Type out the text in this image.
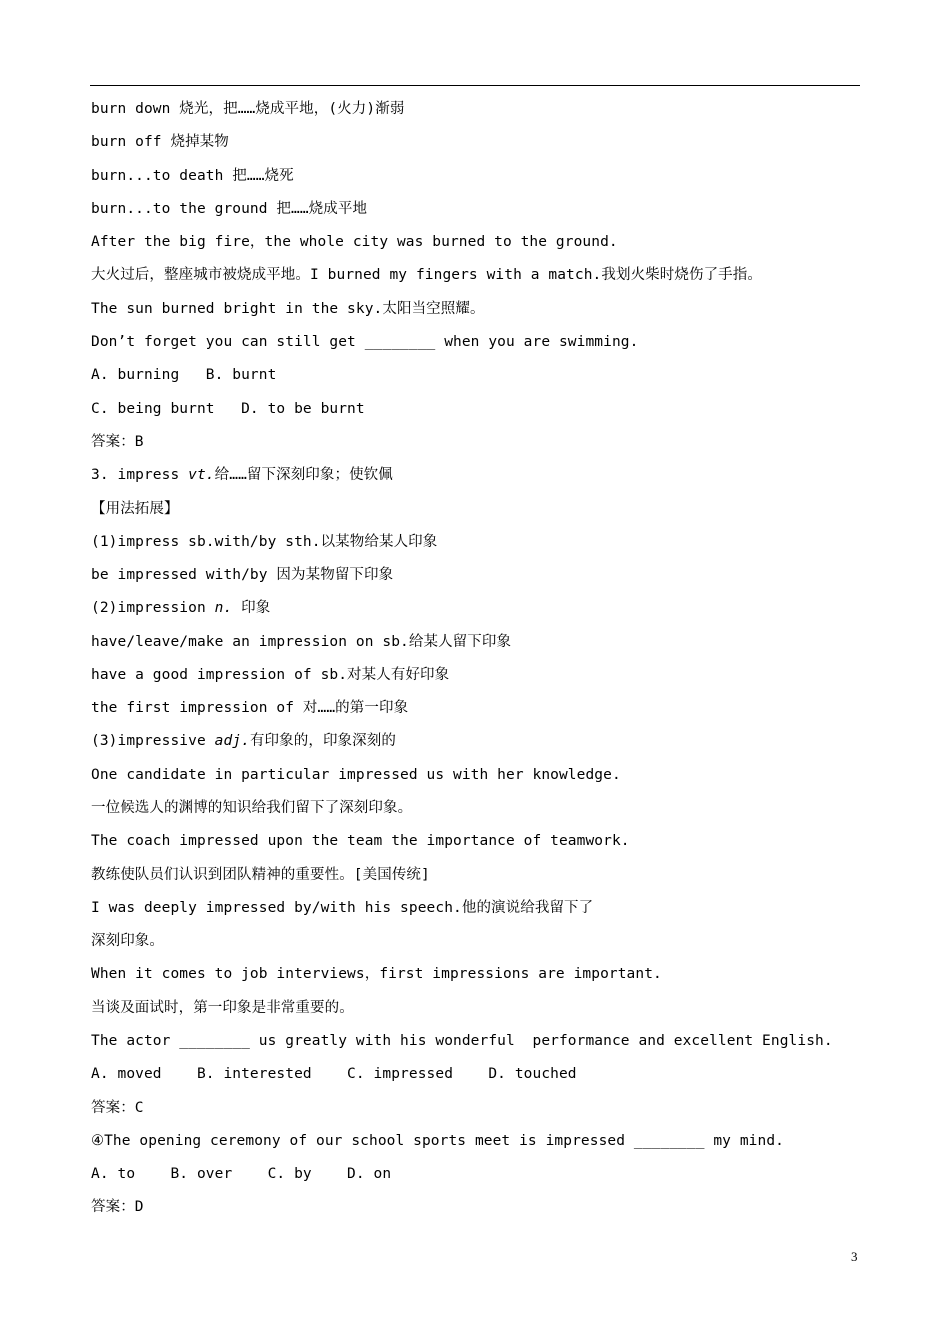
burn down 烧光，把……烧成平地，(火力)渐弱
burn off 烧掉某物
burn...to death 把……烧死
burn...to the ground 把……烧成平地
After the big fire，the whole city was burned to the ground.
大火过后，整座城市被烧成平地。I burned my fingers with a match.我划火柴时烧伤了手指。
The sun burned bright in the sky.太阳当空照耀。
Don’t forget you can still get ________ when you are swimming.
A. burning   B. burnt
C. being burnt   D. to be burnt
答案：B
3. impress vt.给……留下深刻印象；使钦佩
【用法拓展】
(1)impress sb.with/by sth.以某物给某人印象
be impressed with/by 因为某物留下印象
(2)impression n. 印象
have/leave/make an impression on sb.给某人留下印象
have a good impression of sb.对某人有好印象
the first impression of 对……的第一印象
(3)impressive adj.有印象的，印象深刻的
One candidate in particular impressed us with her knowledge.
一位候选人的渊博的知识给我们留下了深刻印象。
The coach impressed upon the team the importance of teamwork.
教练使队员们认识到团队精神的重要性。[美国传统]
I was deeply impressed by/with his speech.他的演说给我留下了
深刻印象。
When it comes to job interviews，first impressions are important.
当谈及面试时，第一印象是非常重要的。
The actor ________ us greatly with his wonderful  performance and excellent English.
A. moved    B. interested    C. impressed    D. touched
答案：C
④The opening ceremony of our school sports meet is impressed ________ my mind.
A. to    B. over    C. by    D. on
答案：D
3
